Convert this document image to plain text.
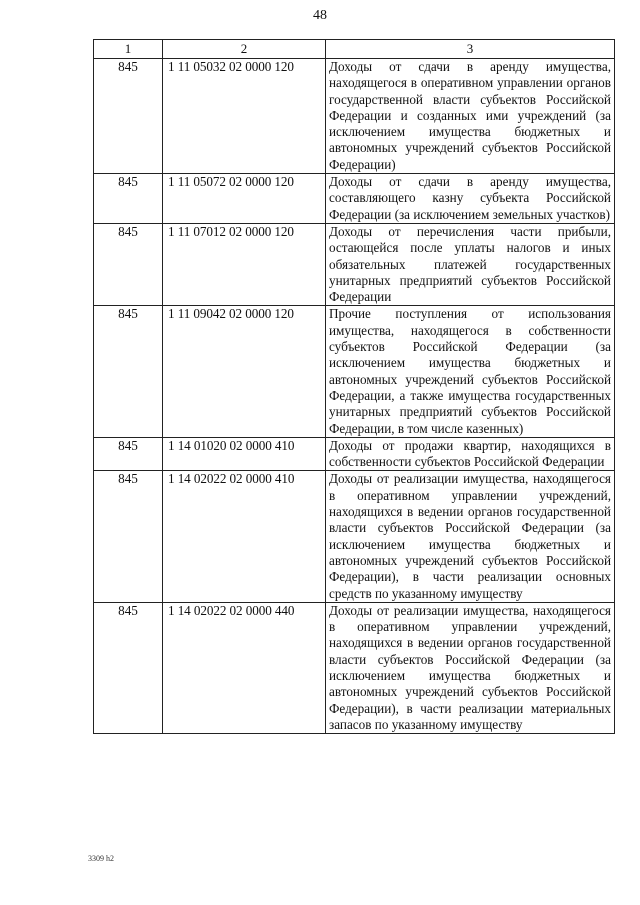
48
1	2	3
845	1 11 05032 02 0000 120	Доходы от сдачи в аренду имущества, находящегося в оперативном управлении органов государственной власти субъектов Российской Федерации и созданных ими учреждений (за исключением имущества бюджетных и автономных учреждений субъектов Российской Федерации)
845	1 11 05072 02 0000 120	Доходы от сдачи в аренду имущества, составляющего казну субъекта Российской Федерации (за исключением земельных участков)
845	1 11 07012 02 0000 120	Доходы от перечисления части прибыли, остающейся после уплаты налогов и иных обязательных платежей государственных унитарных предприятий субъектов Российской Федерации
845	1 11 09042 02 0000 120	Прочие поступления от использования имущества, находящегося в собственности субъектов Российской Федерации (за исключением имущества бюджетных и автономных учреждений субъектов Российской Федерации, а также имущества государственных унитарных предприятий субъектов Российской Федерации, в том числе казенных)
845	1 14 01020 02 0000 410	Доходы от продажи квартир, находящихся в собственности субъектов Российской Федерации
845	1 14 02022 02 0000 410	Доходы от реализации имущества, находящегося в оперативном управлении учреждений, находящихся в ведении органов государственной власти субъектов Российской Федерации (за исключением имущества бюджетных и автономных учреждений субъектов Российской Федерации), в части реализации основных средств по указанному имуществу
845	1 14 02022 02 0000 440	Доходы от реализации имущества, находящегося в оперативном управлении учреждений, находящихся в ведении органов государственной власти субъектов Российской Федерации (за исключением имущества бюджетных и автономных учреждений субъектов Российской Федерации), в части реализации материальных запасов по указанному имуществу
3309 h2
